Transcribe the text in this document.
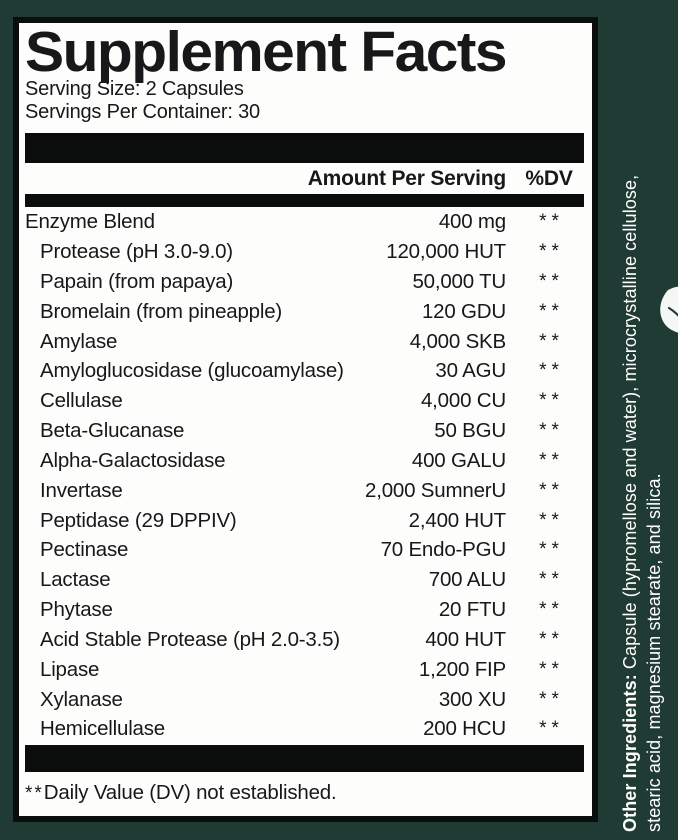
Supplement Facts
Serving Size: 2 Capsules
Servings Per Container: 30
Amount Per Serving %DV
Enzyme Blend	400 mg	**
Protease (pH 3.0-9.0)	120,000 HUT	**
Papain (from papaya)	50,000 TU	**
Bromelain (from pineapple)	120 GDU	**
Amylase	4,000 SKB	**
Amyloglucosidase (glucoamylase)	30 AGU	**
Cellulase	4,000 CU	**
Beta-Glucanase	50 BGU	**
Alpha-Galactosidase	400 GALU	**
Invertase	2,000 SumnerU	**
Peptidase (29 DPPIV)	2,400 HUT	**
Pectinase	70 Endo-PGU	**
Lactase	700 ALU	**
Phytase	20 FTU	**
Acid Stable Protease (pH 2.0-3.5)	400 HUT	**
Lipase	1,200 FIP	**
Xylanase	300 XU	**
Hemicellulase	200 HCU	**
**Daily Value (DV) not established.	Other Ingredients: Capsule (hypromellose and water), microcrystalline cellulose, stearic acid, magnesium stearate, and silica.
